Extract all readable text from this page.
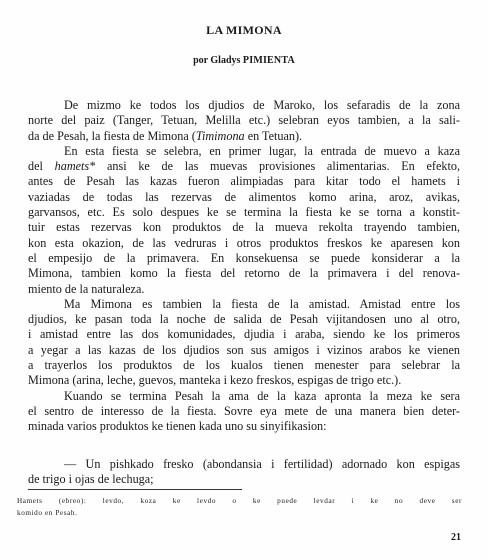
LA MIMONA
por Gladys PIMIENTA
De mizmo ke todos los djudios de Maroko, los sefaradis de la zona
norte del paiz (Tanger, Tetuan, Melilla etc.) selebran eyos tambien, a la sali-
da de Pesah, la fiesta de Mimona (Timimona en Tetuan).
En esta fiesta se selebra, en primer lugar, la entrada de muevo a kaza
del hamets* ansi ke de las muevas provisiones alimentarias. En efekto,
antes de Pesah las kazas fueron alimpiadas para kitar todo el hamets i
vaziadas de todas las rezervas de alimentos komo arina, aroz, avikas,
garvansos, etc. Es solo despues ke se termina la fiesta ke se torna a konstit-
tuir estas rezervas kon produktos de la mueva rekolta trayendo tambien,
kon esta okazion, de las vedruras i otros produktos freskos ke aparesen kon
el empesijo de la primavera. En konsekuensa se puede konsiderar a la
Mimona, tambien komo la fiesta del retorno de la primavera i del renova-
miento de la naturaleza.
Ma Mimona es tambien la fiesta de la amistad. Amistad entre los
djudios, ke pasan toda la noche de salida de Pesah vijitandosen uno al otro,
i amistad entre las dos komunidades, djudia i araba, siendo ke los primeros
a yegar a las kazas de los djudios son sus amigos i vizinos arabos ke vienen
a trayerlos los produktos de los kualos tienen menester para selebrar la
Mimona (arina, leche, guevos, manteka i kezo freskos, espigas de trigo etc.).
Kuando se termina Pesah la ama de la kaza apronta la meza ke sera
el sentro de interesso de la fiesta. Sovre eya mete de una manera bien deter-
minada varios produktos ke tienen kada uno su sinyifikasion:
— Un pishkado fresko (abondansia i fertilidad) adornado kon espigas
de trigo i ojas de lechuga;
Hamets (ebreo): levdo, koza ke levdo o ke puede levdar i ke no deve ser
komido en Pesah.
21
